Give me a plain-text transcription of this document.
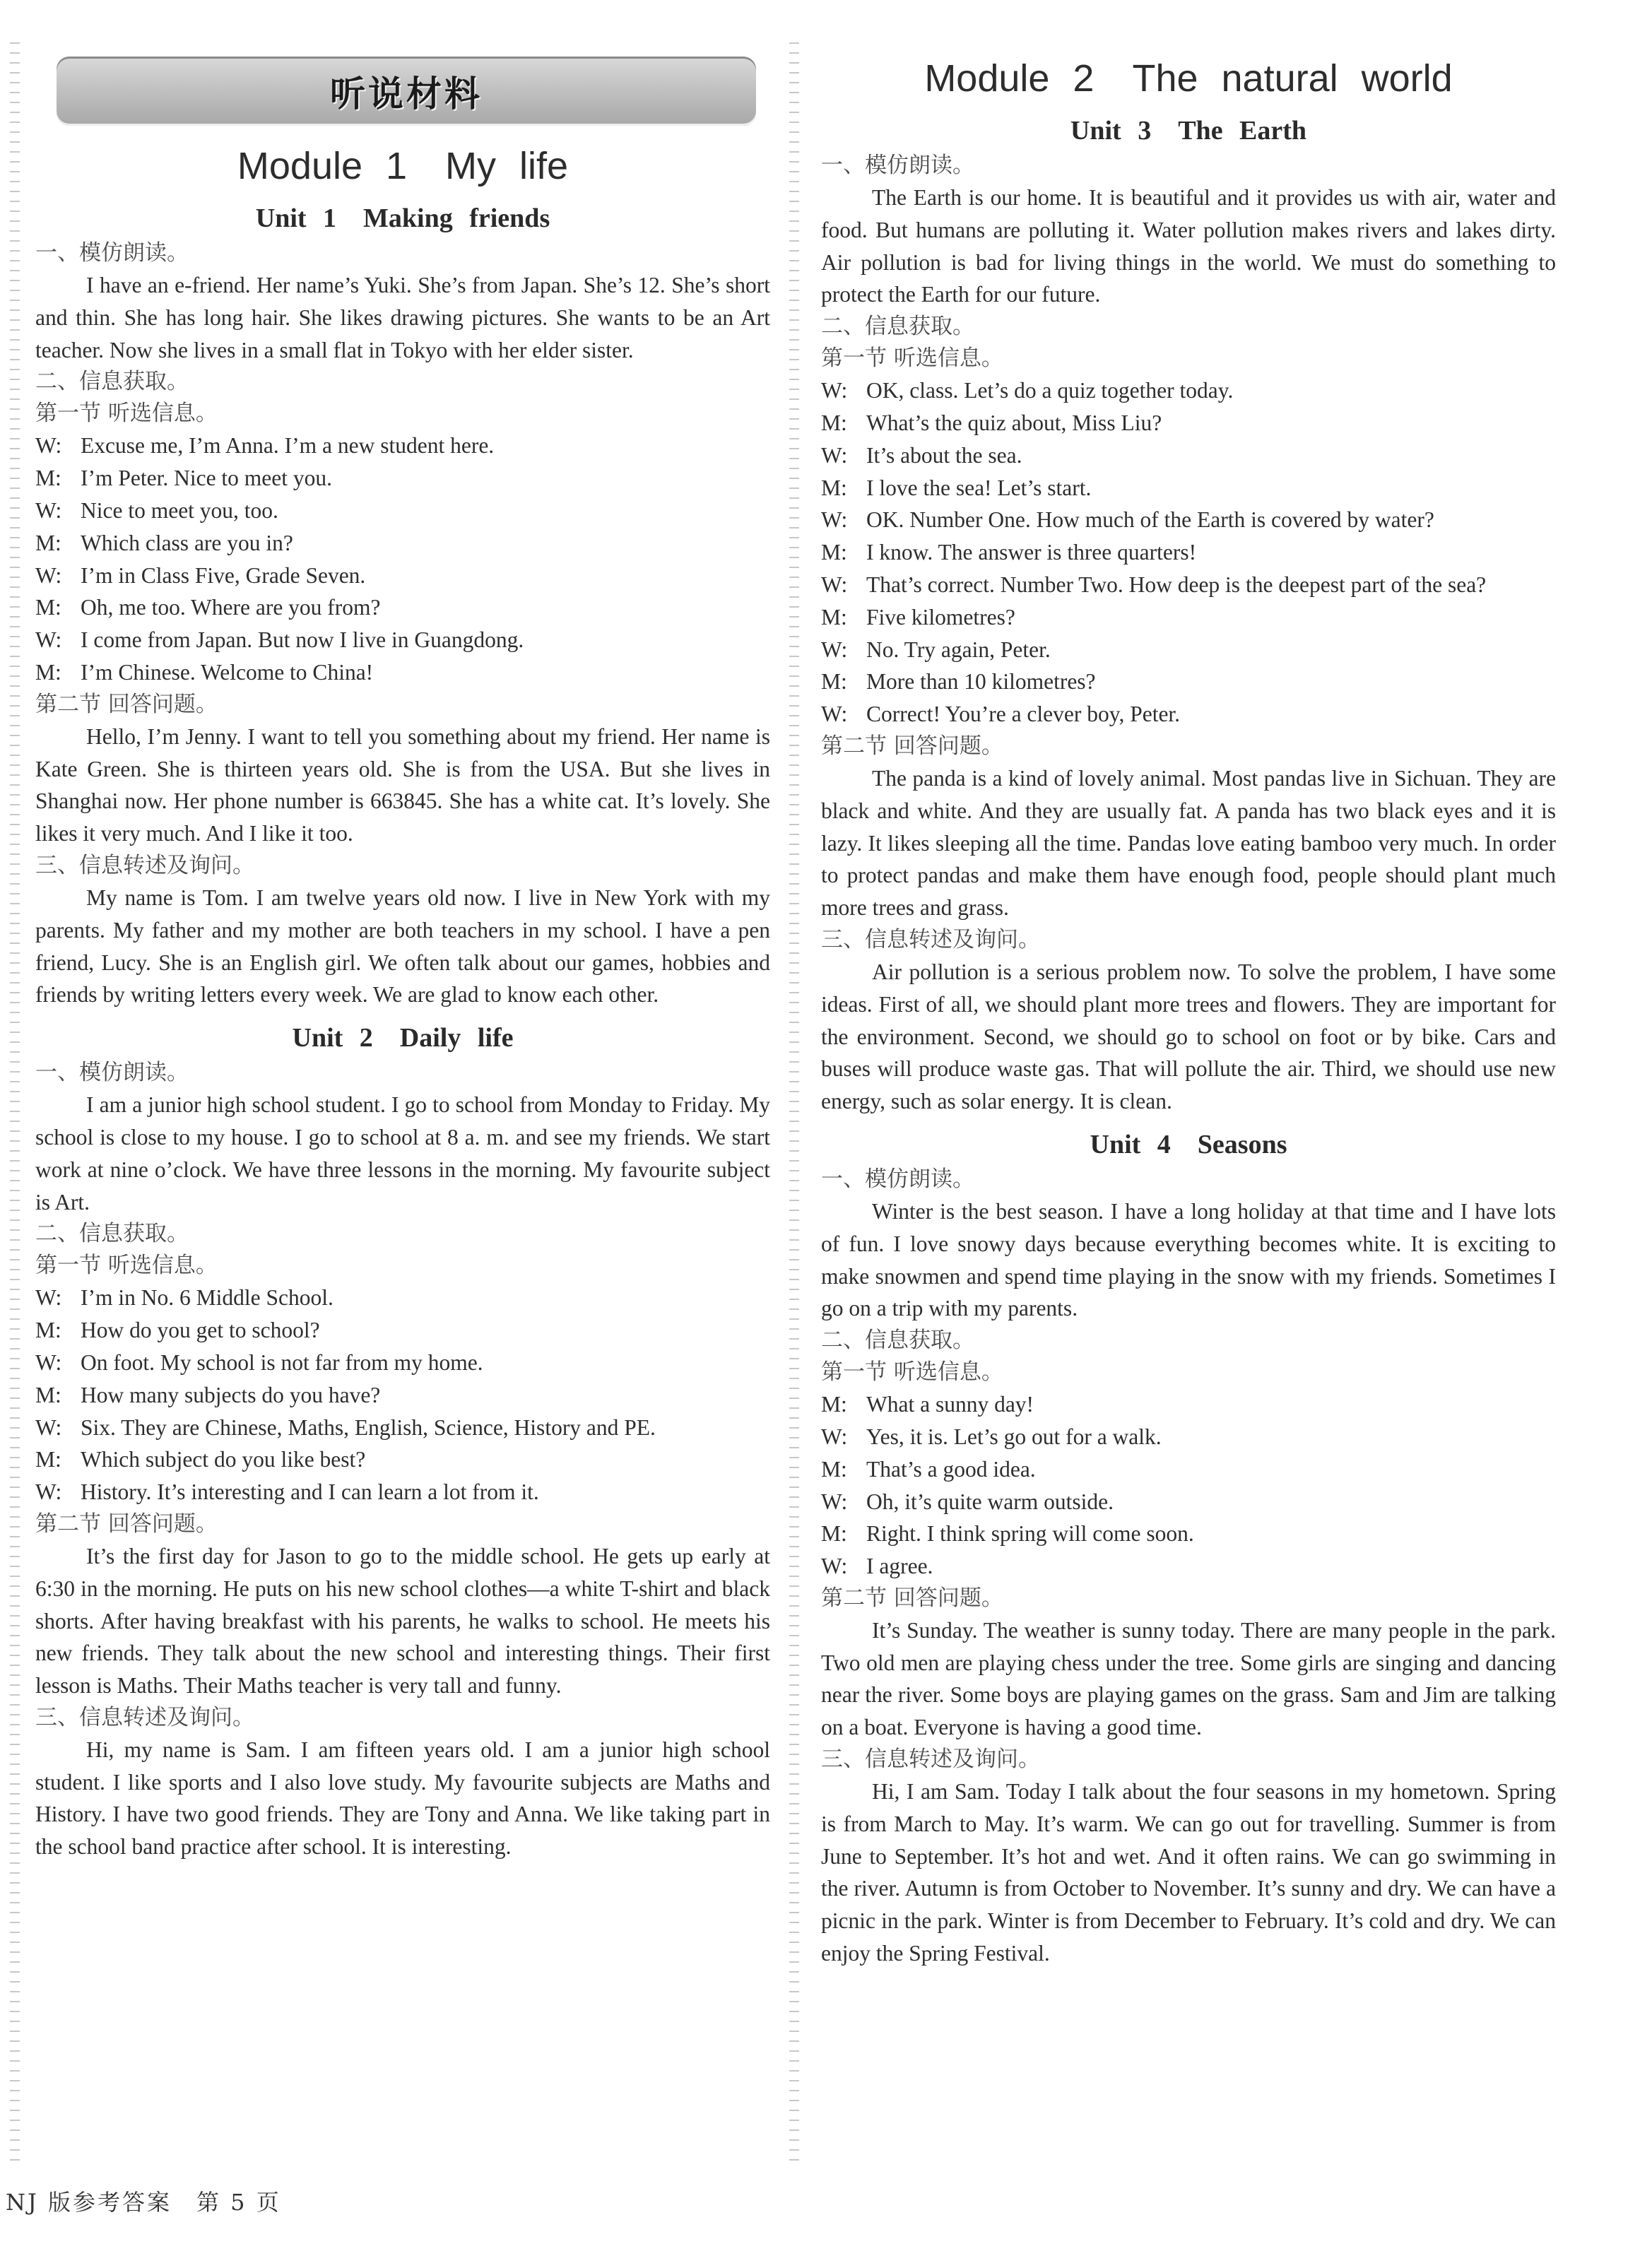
听说材料
Module 1　My life
Unit 1　Making friends

一、模仿朗读。

I have an e-friend. Her name’s Yuki. She’s from Japan. She’s 12. She’s short and thin. She has long hair. She likes drawing pictures. She wants to be an Art teacher. Now she lives in a small flat in Tokyo with her elder sister.

二、信息获取。

第一节 听选信息。

W: Excuse me, I’m Anna. I’m a new student here.
M: I’m Peter. Nice to meet you.
W: Nice to meet you, too.
M: Which class are you in?
W: I’m in Class Five, Grade Seven.
M: Oh, me too. Where are you from?
W: I come from Japan. But now I live in Guangdong.
M: I’m Chinese. Welcome to China!

第二节 回答问题。

Hello, I’m Jenny. I want to tell you something about my friend. Her name is Kate Green. She is thirteen years old. She is from the USA. But she lives in Shanghai now. Her phone number is 663845. She has a white cat. It’s lovely. She likes it very much. And I like it too.

三、信息转述及询问。

My name is Tom. I am twelve years old now. I live in New York with my parents. My father and my mother are both teachers in my school. I have a pen friend, Lucy. She is an English girl. We often talk about our games, hobbies and friends by writing letters every week. We are glad to know each other.

Unit 2　Daily life

一、模仿朗读。

I am a junior high school student. I go to school from Monday to Friday. My school is close to my house. I go to school at 8 a. m. and see my friends. We start work at nine o’clock. We have three lessons in the morning. My favourite subject is Art.

二、信息获取。

第一节 听选信息。

W: I’m in No. 6 Middle School.
M: How do you get to school?
W: On foot. My school is not far from my home.
M: How many subjects do you have?
W: Six. They are Chinese, Maths, English, Science, History and PE.
M: Which subject do you like best?
W: History. It’s interesting and I can learn a lot from it.

第二节 回答问题。

It’s the first day for Jason to go to the middle school. He gets up early at 6:30 in the morning. He puts on his new school clothes—a white T-shirt and black shorts. After having breakfast with his parents, he walks to school. He meets his new friends. They talk about the new school and interesting things. Their first lesson is Maths. Their Maths teacher is very tall and funny.

三、信息转述及询问。

Hi, my name is Sam. I am fifteen years old. I am a junior high school student. I like sports and I also love study. My favourite subjects are Maths and History. I have two good friends. They are Tony and Anna. We like taking part in the school band practice after school. It is interesting.

Module 2　The natural world
Unit 3　The Earth

一、模仿朗读。

The Earth is our home. It is beautiful and it provides us with air, water and food. But humans are polluting it. Water pollution makes rivers and lakes dirty. Air pollution is bad for living things in the world. We must do something to protect the Earth for our future.

二、信息获取。

第一节 听选信息。

W: OK, class. Let’s do a quiz together today.
M: What’s the quiz about, Miss Liu?
W: It’s about the sea.
M: I love the sea! Let’s start.
W: OK. Number One. How much of the Earth is covered by water?
M: I know. The answer is three quarters!
W: That’s correct. Number Two. How deep is the deepest part of the sea?
M: Five kilometres?
W: No. Try again, Peter.
M: More than 10 kilometres?
W: Correct! You’re a clever boy, Peter.

第二节 回答问题。

The panda is a kind of lovely animal. Most pandas live in Sichuan. They are black and white. And they are usually fat. A panda has two black eyes and it is lazy. It likes sleeping all the time. Pandas love eating bamboo very much. In order to protect pandas and make them have enough food, people should plant much more trees and grass.

三、信息转述及询问。

Air pollution is a serious problem now. To solve the problem, I have some ideas. First of all, we should plant more trees and flowers. They are important for the environment. Second, we should go to school on foot or by bike. Cars and buses will produce waste gas. That will pollute the air. Third, we should use new energy, such as solar energy. It is clean.

Unit 4　Seasons

一、模仿朗读。

Winter is the best season. I have a long holiday at that time and I have lots of fun. I love snowy days because everything becomes white. It is exciting to make snowmen and spend time playing in the snow with my friends. Sometimes I go on a trip with my parents.

二、信息获取。

第一节 听选信息。

M: What a sunny day!
W: Yes, it is. Let’s go out for a walk.
M: That’s a good idea.
W: Oh, it’s quite warm outside.
M: Right. I think spring will come soon.
W: I agree.

第二节 回答问题。

It’s Sunday. The weather is sunny today. There are many people in the park. Two old men are playing chess under the tree. Some girls are singing and dancing near the river. Some boys are playing games on the grass. Sam and Jim are talking on a boat. Everyone is having a good time.

三、信息转述及询问。

Hi, I am Sam. Today I talk about the four seasons in my hometown. Spring is from March to May. It’s warm. We can go out for travelling. Summer is from June to September. It’s hot and wet. And it often rains. We can go swimming in the river. Autumn is from October to November. It’s sunny and dry. We can have a picnic in the park. Winter is from December to February. It’s cold and dry. We can enjoy the Spring Festival.

NJ 版参考答案　第 5 页
